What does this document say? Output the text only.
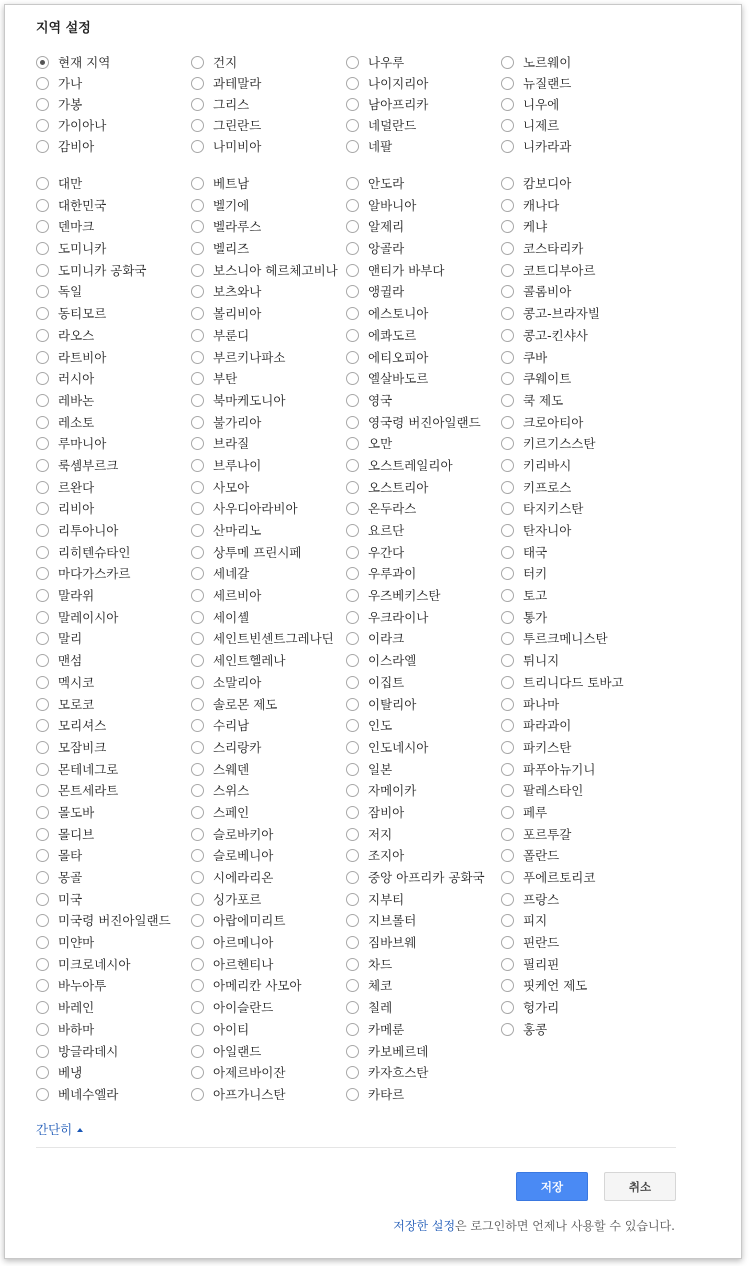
지역 설정
현재 지역
가나
가봉
가이아나
감비아
건지
과테말라
그리스
그린란드
나미비아
나우루
나이지리아
남아프리카
네덜란드
네팔
노르웨이
뉴질랜드
니우에
니제르
니카라과
대만
대한민국
덴마크
도미니카
도미니카 공화국
독일
동티모르
라오스
라트비아
러시아
레바논
레소토
루마니아
룩셈부르크
르완다
리비아
리투아니아
리히텐슈타인
마다가스카르
말라위
말레이시아
말리
맨섬
멕시코
모로코
모리셔스
모잠비크
몬테네그로
몬트세라트
몰도바
몰디브
몰타
몽골
미국
미국령 버진아일랜드
미얀마
미크로네시아
바누아투
바레인
바하마
방글라데시
베냉
베네수엘라
베트남
벨기에
벨라루스
벨리즈
보스니아 헤르체고비나
보츠와나
볼리비아
부룬디
부르키나파소
부탄
북마케도니아
불가리아
브라질
브루나이
사모아
사우디아라비아
산마리노
상투메 프린시페
세네갈
세르비아
세이셸
세인트빈센트그레나딘
세인트헬레나
소말리아
솔로몬 제도
수리남
스리랑카
스웨덴
스위스
스페인
슬로바키아
슬로베니아
시에라리온
싱가포르
아랍에미리트
아르메니아
아르헨티나
아메리칸 사모아
아이슬란드
아이티
아일랜드
아제르바이잔
아프가니스탄
안도라
알바니아
알제리
앙골라
앤티가 바부다
앵귈라
에스토니아
에콰도르
에티오피아
엘살바도르
영국
영국령 버진아일랜드
오만
오스트레일리아
오스트리아
온두라스
요르단
우간다
우루과이
우즈베키스탄
우크라이나
이라크
이스라엘
이집트
이탈리아
인도
인도네시아
일본
자메이카
잠비아
저지
조지아
중앙 아프리카 공화국
지부티
지브롤터
짐바브웨
차드
체코
칠레
카메룬
카보베르데
카자흐스탄
카타르
캄보디아
캐나다
케냐
코스타리카
코트디부아르
콜롬비아
콩고-브라자빌
콩고-킨샤사
쿠바
쿠웨이트
쿡 제도
크로아티아
키르기스스탄
키리바시
키프로스
타지키스탄
탄자니아
태국
터키
토고
통가
투르크메니스탄
튀니지
트리니다드 토바고
파나마
파라과이
파키스탄
파푸아뉴기니
팔레스타인
페루
포르투갈
폴란드
푸에르토리코
프랑스
피지
핀란드
필리핀
핏케언 제도
헝가리
홍콩
간단히
저장	취소
저장한 설정은 로그인하면 언제나 사용할 수 있습니다.
